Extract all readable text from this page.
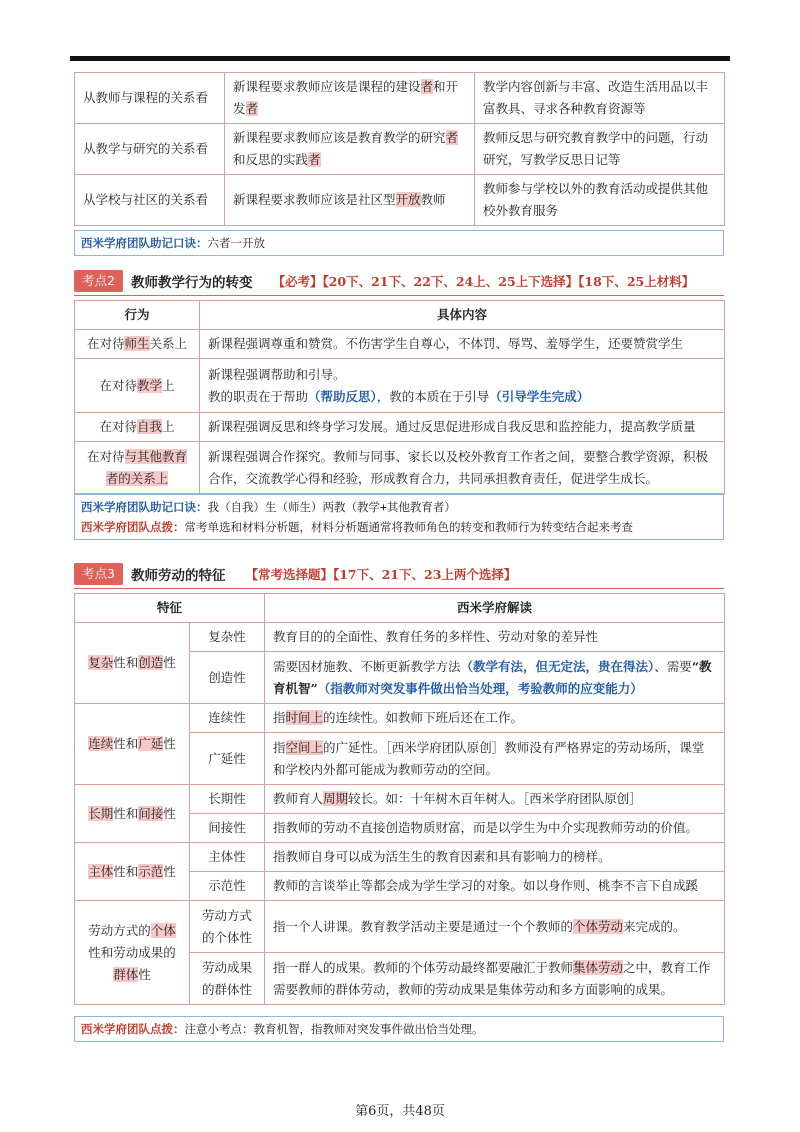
从教师与课程的关系看	新课程要求教师应该是课程的建设者和开发者	教学内容创新与丰富、改造生活用品以丰富教具、寻求各种教育资源等
从教学与研究的关系看	新课程要求教师应该是教育教学的研究者和反思的实践者	教师反思与研究教育教学中的问题，行动研究，写教学反思日记等
从学校与社区的关系看	新课程要求教师应该是社区型开放教师	教师参与学校以外的教育活动或提供其他校外教育服务
西米学府团队助记口诀：六者一开放
考点2	教师教学行为的转变 【必考】【20下、21下、22下、24上、25上下选择】【18下、25上材料】
行为	具体内容
在对待师生关系上	新课程强调尊重和赞赏。不伤害学生自尊心，不体罚、辱骂、羞辱学生，还要赞赏学生
在对待教学上	新课程强调帮助和引导。
教的职责在于帮助（帮助反思），教的本质在于引导（引导学生完成）

在对待自我上	新课程强调反思和终身学习发展。通过反思促进形成自我反思和监控能力，提高教学质量
在对待与其他教育者的关系上	新课程强调合作探究。教师与同事、家长以及校外教育工作者之间，要整合教学资源，积极合作，交流教学心得和经验，形成教育合力，共同承担教育责任，促进学生成长。
西米学府团队助记口诀：我（自我）生（师生）两教（教学+其他教育者）
西米学府团队点拨：常考单选和材料分析题，材料分析题通常将教师角色的转变和教师行为转变结合起来考查
考点3	教师劳动的特征 【常考选择题】【17下、21下、23上两个选择】
特征		西米学府解读
复杂性和创造性	复杂性	教育目的的全面性、教育任务的多样性、劳动对象的差异性
	创造性	需要因材施教、不断更新教学方法（教学有法，但无定法，贵在得法）、需要“教育机智”（指教师对突发事件做出恰当处理，考验教师的应变能力）
连续性和广延性	连续性	指时间上的连续性。如教师下班后还在工作。
	广延性	指空间上的广延性。［西米学府团队原创］教师没有严格界定的劳动场所，课堂和学校内外都可能成为教师劳动的空间。
长期性和间接性	长期性	教师育人周期较长。如：十年树木百年树人。［西米学府团队原创］
	间接性	指教师的劳动不直接创造物质财富，而是以学生为中介实现教师劳动的价值。
主体性和示范性	主体性	指教师自身可以成为活生生的教育因素和具有影响力的榜样。
	示范性	教师的言谈举止等都会成为学生学习的对象。如以身作则、桃李不言下自成蹊
劳动方式的个体性和劳动成果的群体性	劳动方式的个体性	指一个人讲课。教育教学活动主要是通过一个个教师的个体劳动来完成的。
	劳动成果的群体性	指一群人的成果。教师的个体劳动最终都要融汇于教师集体劳动之中，教育工作需要教师的群体劳动，教师的劳动成果是集体劳动和多方面影响的成果。
西米学府团队点拨：注意小考点：教育机智，指教师对突发事件做出恰当处理。
第6页，共48页
